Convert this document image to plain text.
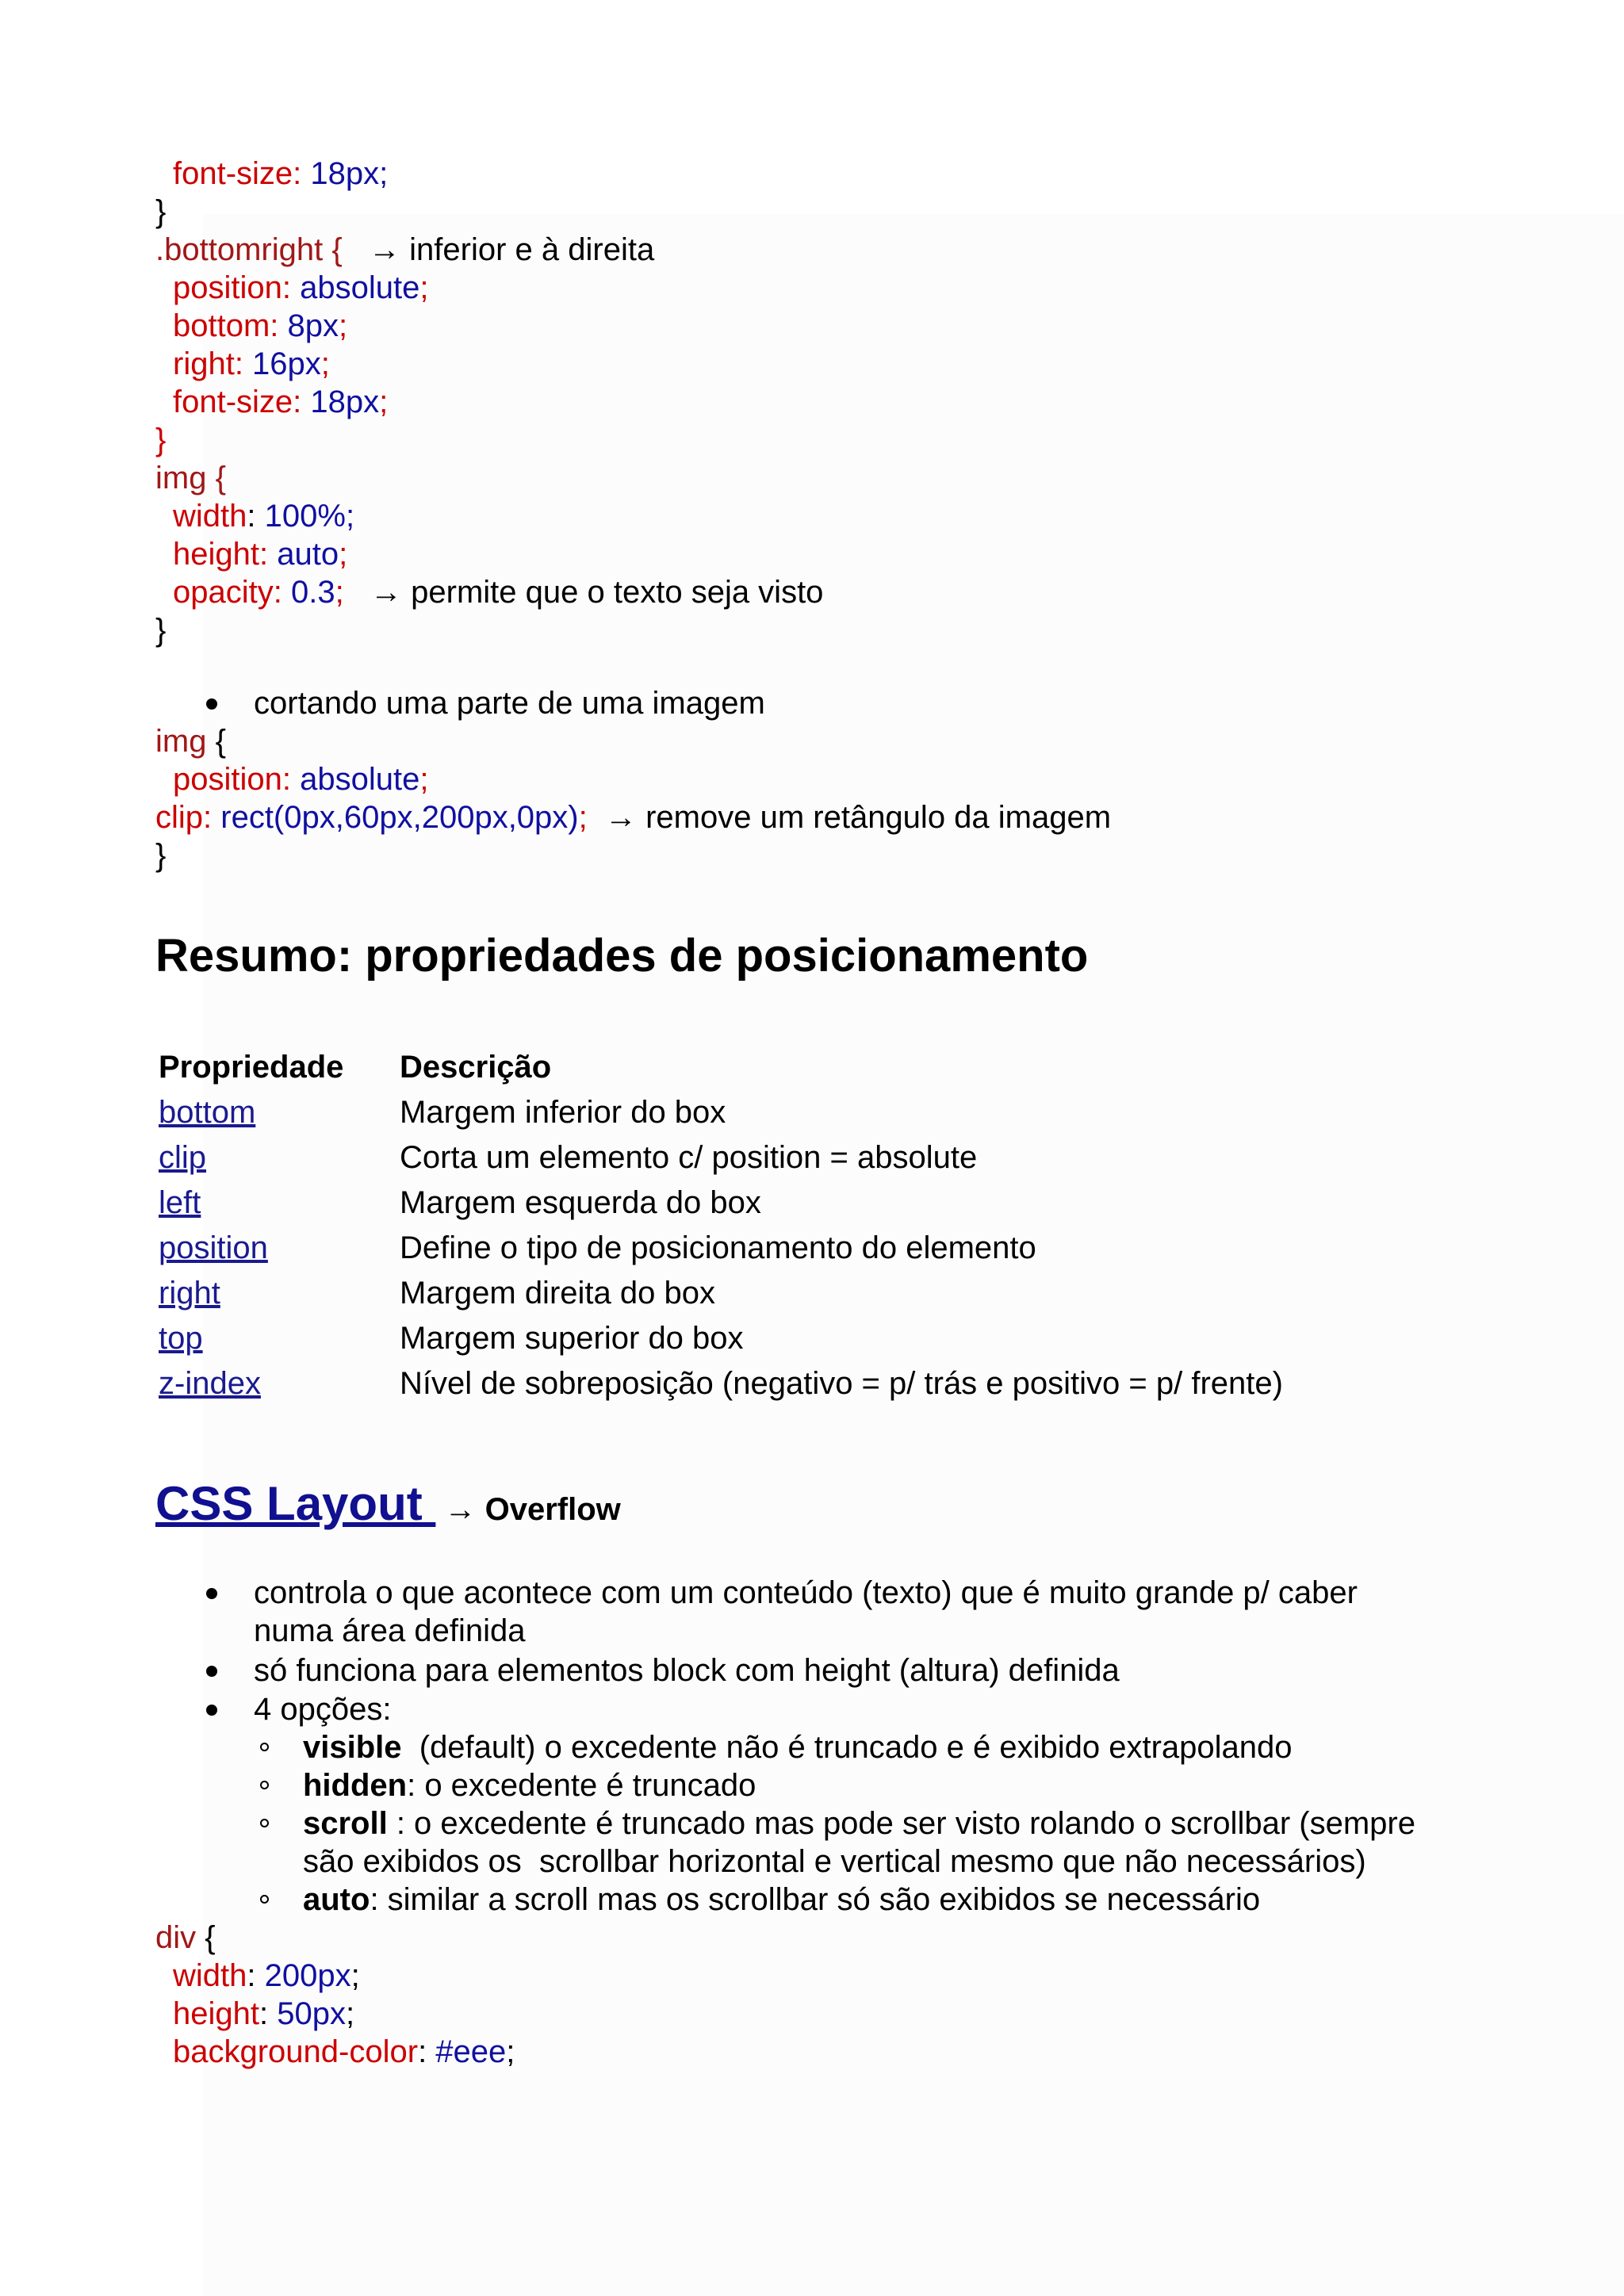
font-size: 18px;
}
.bottomright {   → inferior e à direita
position: absolute;
bottom: 8px;
right: 16px;
font-size: 18px;
}
img {
width: 100%;
height: auto;
opacity: 0.3;   → permite que o texto seja visto
}
cortando uma parte de uma imagem
img {
position: absolute;
clip: rect(0px,60px,200px,0px);  → remove um retângulo da imagem
}
Resumo: propriedades de posicionamento
Propriedade	Descrição
bottom	Margem inferior do box
clip	Corta um elemento c/ position = absolute
left	Margem esquerda do box
position	Define o tipo de posicionamento do elemento
right	Margem direita do box
top	Margem superior do box
z-index	Nível de sobreposição (negativo = p/ trás e positivo = p/ frente)
CSS Layout  → Overflow
controla o que acontece com um conteúdo (texto) que é muito grande p/ caber
numa área definida
só funciona para elementos block com height (altura) definida
4 opções:
visible  (default) o excedente não é truncado e é exibido extrapolando
hidden: o excedente é truncado
scroll : o excedente é truncado mas pode ser visto rolando o scrollbar (sempre
são exibidos os  scrollbar horizontal e vertical mesmo que não necessários)
auto: similar a scroll mas os scrollbar só são exibidos se necessário
div {
width: 200px;
height: 50px;
background-color: #eee;
